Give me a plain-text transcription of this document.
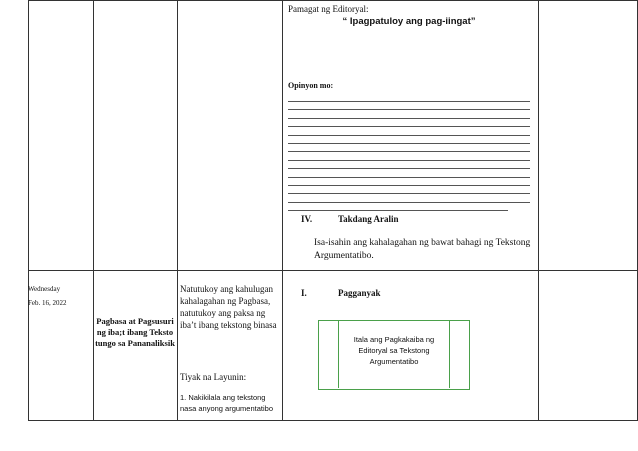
Pamagat ng Editoryal:
“ Ipagpatuloy ang pag-iingat”
Opinyon mo:
IV.	Takdang Aralin
Isa-isahin ang kahalagahan ng bawat bahagi ng Tekstong Argumentatibo.
Wednesday
Feb. 16, 2022
Pagbasa at Pagsusuri ng iba;t ibang Teksto tungo sa Pananaliksik
Natutukoy ang kahulugan kahalagahan ng Pagbasa, natutukoy ang paksa ng iba’t ibang tekstong binasa
Tiyak na Layunin:
1. Nakikilala ang tekstong nasa anyong argumentatibo
I.	Pagganyak
Itala ang Pagkakaiba ng Editoryal sa Tekstong Argumentatibo
